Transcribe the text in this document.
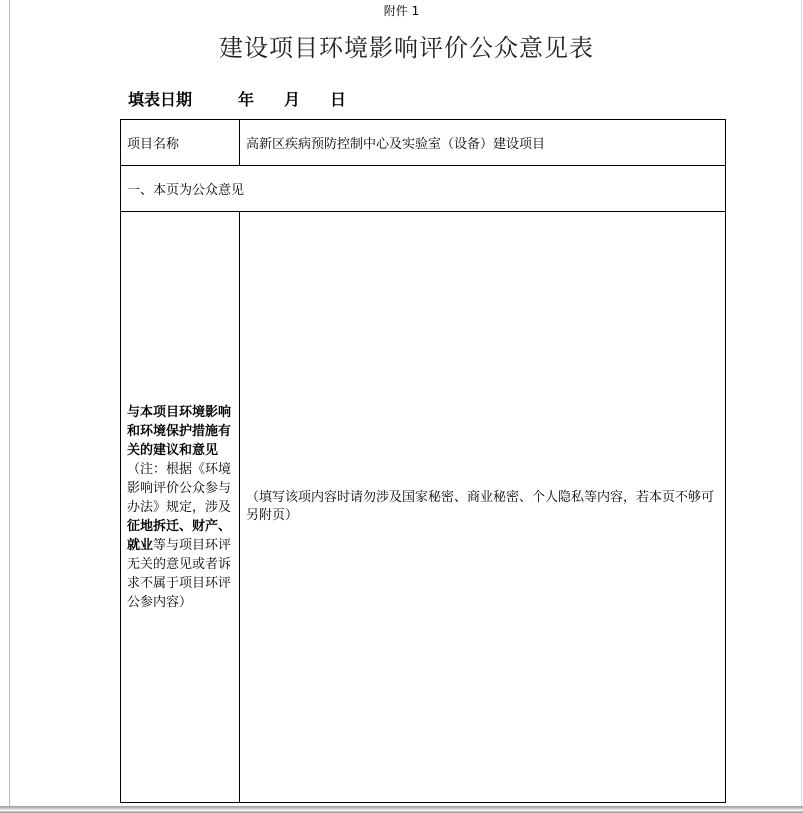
附件 1
建设项目环境影响评价公众意见表
填表日期	年 月 日
项目名称	高新区疾病预防控制中心及实验室（设备）建设项目
一、本页为公众意见	
与本项目环境影响和环境保护措施有关的建议和意见（注：根据《环境影响评价公众参与办法》规定，涉及征地拆迁、财产、就业等与项目环评无关的意见或者诉求不属于项目环评公参内容）	（填写该项内容时请勿涉及国家秘密、商业秘密、个人隐私等内容，若本页不够可另附页）
